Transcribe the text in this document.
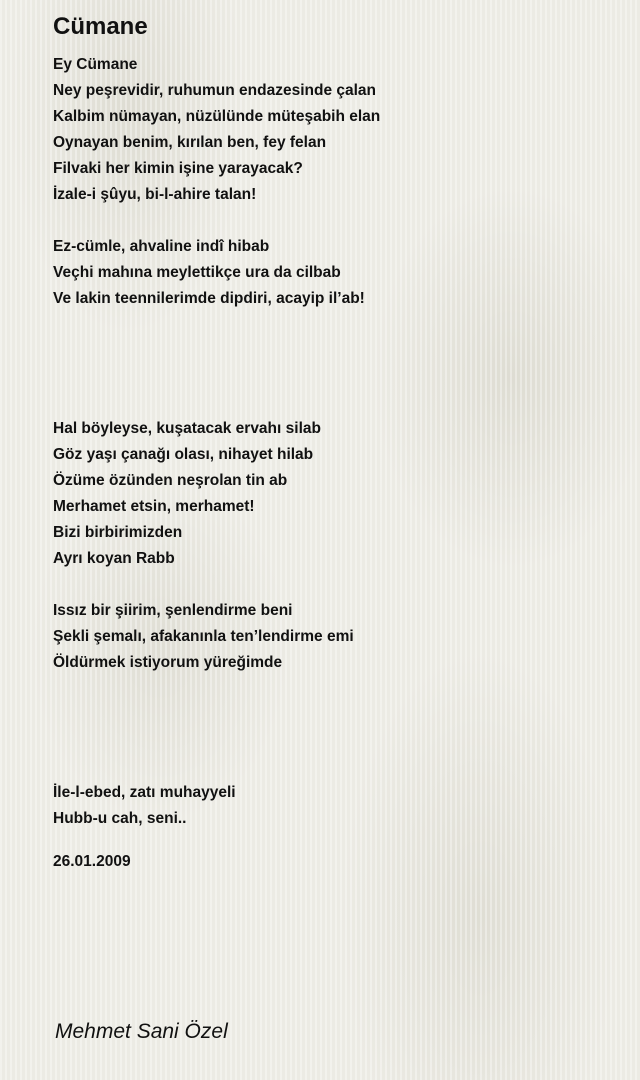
Cümane
Ey Cümane
Ney peşrevidir, ruhumun endazesinde çalan
Kalbim nümayan, nüzülünde müteşabih elan
Oynayan benim, kırılan ben, fey felan
Filvaki her kimin işine yarayacak?
İzale-i şûyu, bi-l-ahire talan!
Ez-cümle, ahvaline indî hibab
Veçhi mahına meylettikçe ura da cilbab
Ve lakin teennilerimde dipdiri, acayip il’ab!
Hal böyleyse, kuşatacak ervahı silab
Göz yaşı çanağı olası, nihayet hilab
Özüme özünden neşrolan tin ab
Merhamet etsin, merhamet!
Bizi birbirimizden
Ayrı koyan Rabb
Issız bir şiirim, şenlendirme beni
Şekli şemalı, afakanınla ten’lendirme emi
Öldürmek istiyorum yüreğimde
İle-l-ebed, zatı muhayyeli
Hubb-u cah, seni..
26.01.2009
Mehmet Sani Özel
